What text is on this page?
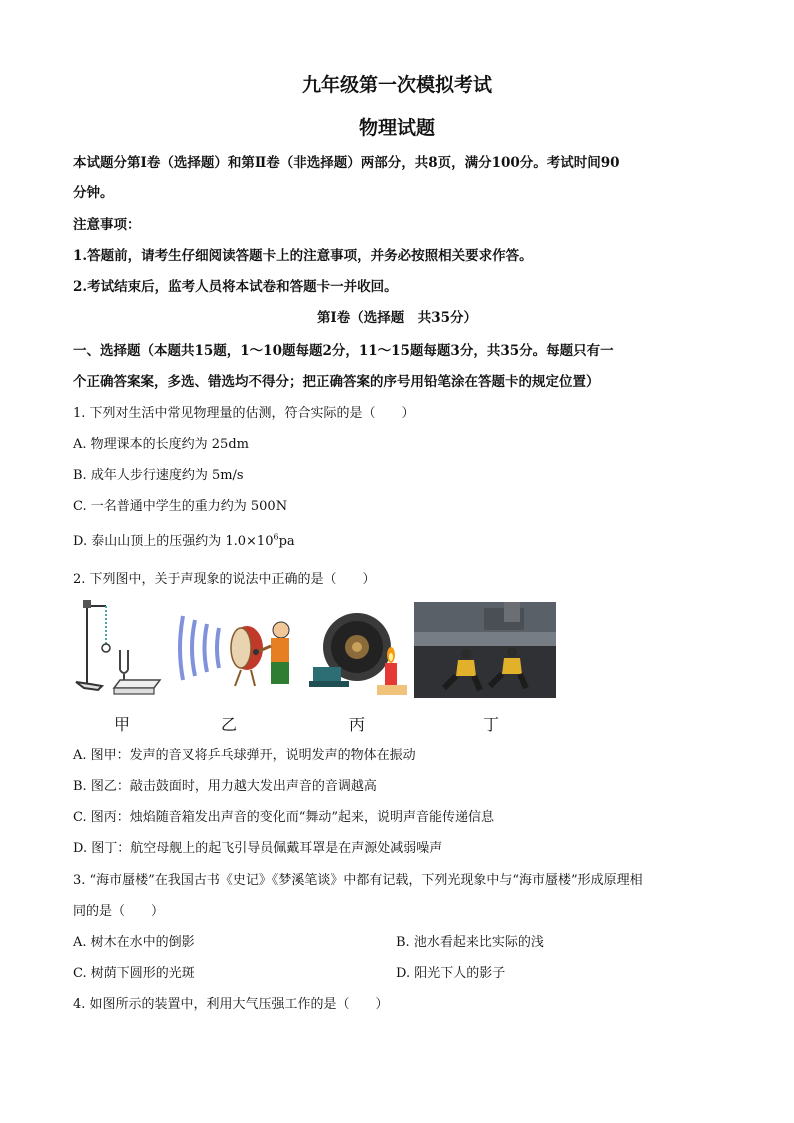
九年级第一次模拟考试
物理试题
本试题分第Ⅰ卷（选择题）和第Ⅱ卷（非选择题）两部分，共8页，满分100分。考试时间90
分钟。
注意事项：
1.答题前，请考生仔细阅读答题卡上的注意事项，并务必按照相关要求作答。
2.考试结束后，监考人员将本试卷和答题卡一并收回。
第Ⅰ卷（选择题　共35分）
一、选择题（本题共15题，1～10题每题2分，11～15题每题3分，共35分。每题只有一
个正确答案案，多选、错选均不得分；把正确答案的序号用铅笔涂在答题卡的规定位置）
1. 下列对生活中常见物理量的估测，符合实际的是（　　）
A. 物理课本的长度约为 25dm
B. 成年人步行速度约为 5m/s
C. 一名普通中学生的重力约为 500N
D. 泰山山顶上的压强约为 $1.0\times 10^6pa$
2. 下列图中，关于声现象的说法中正确的是（　　）
甲	乙	丙	丁
A. 图甲：发声的音叉将乒乓球弹开，说明发声的物体在振动
B. 图乙：敲击鼓面时，用力越大发出声音的音调越高
C. 图丙：烛焰随音箱发出声音的变化而“舞动”起来，说明声音能传递信息
D. 图丁：航空母舰上的起飞引导员佩戴耳罩是在声源处减弱噪声
3. “海市蜃楼”在我国古书《史记》《梦溪笔谈》中都有记载，下列光现象中与“海市蜃楼”形成原理相
同的是（　　）
A. 树木在水中的倒影	B. 池水看起来比实际的浅
C. 树荫下圆形的光斑	D. 阳光下人的影子
4. 如图所示的装置中，利用大气压强工作的是（　　）
